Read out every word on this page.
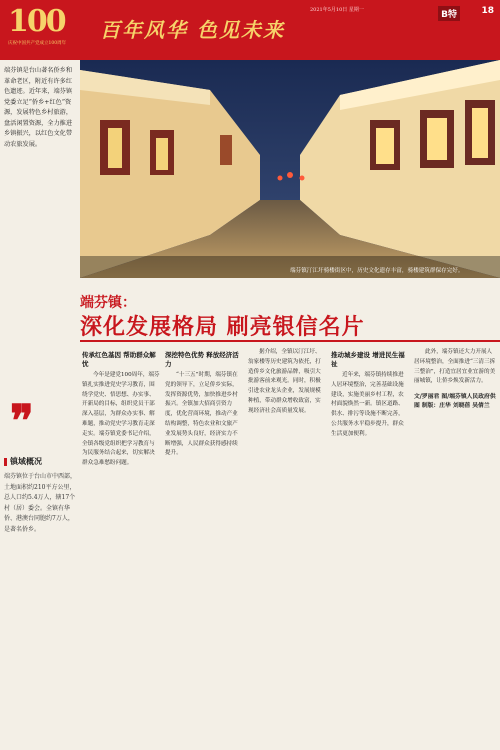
100
庆祝中国共产党成立100周年
百年风华 色见未来
2021年5月10日 星期一	B特	18
端芬镇是台山著名侨乡和革命老区，附近有许多红色遗迹。近年来，端芬镇党委立足“侨乡+红色”资源，发展特色乡村旅游，盘活闲置资源，全力推进乡镇振兴，以红色文化带动农旅发展。
❞
镇域概况
端芬镇位于台山市中西部，土地面积约210平方公里，总人口约5.4万人，辖17个村（居）委会。全镇有华侨、港澳台同胞约7万人，是著名侨乡。
端芬镇汀江圩骑楼街区中，历史文化遗存丰富，骑楼建筑群保存完好。
端芬镇：
深化发展格局 刷亮银信名片
传承红色基因 帮助群众解忧

今年是建党100周年，端芬镇扎实推进党史学习教育，围绕学党史、悟思想、办实事、开新局的目标，组织党员干部深入基层，为群众办实事、解难题，推动党史学习教育走深走实。端芬镇党委书记介绍，全镇各级党组织把学习教育与为民服务结合起来，切实解决群众急难愁盼问题。

深挖特色优势 释放经济活力

“十三五”时期，端芬镇在党的领导下，立足侨乡实际，发挥资源优势，加快推进乡村振兴。全镇加大招商引资力度，优化营商环境，推动产业结构调整，特色农业和文旅产业发展势头良好，经济实力不断增强，人民群众获得感持续提升。

据介绍，全镇以汀江圩、翁家楼等历史建筑为依托，打造侨乡文化旅游品牌，吸引大批游客前来观光。同时，积极引进农业龙头企业，发展规模种植，带动群众增收致富，实现经济社会高质量发展。

推动城乡建设 增进民生福祉

近年来，端芬镇持续推进人居环境整治，完善基础设施建设，实施美丽乡村工程，农村面貌焕然一新。镇区道路、供水、排污等设施不断完善，公共服务水平稳步提升，群众生活更加便利。

此外，端芬镇还大力开展人居环境整治，全面推进“三清三拆三整治”，打造宜居宜业宜游的美丽城镇，让侨乡焕发新活力。

文/罗丽君 图/端芬镇人民政府供图 制版：庄华 刘晓蓓 吴倩兰
